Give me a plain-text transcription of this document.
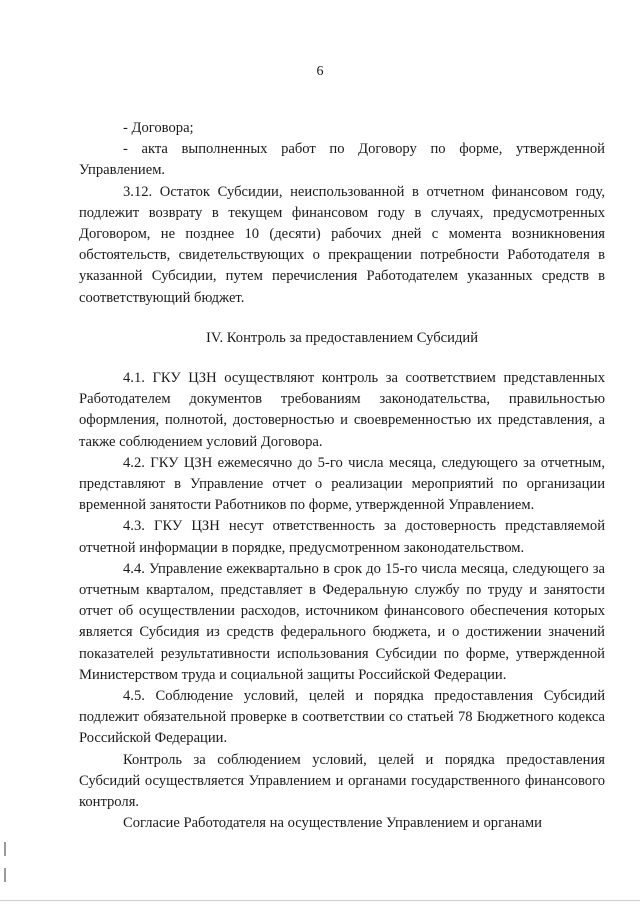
6

- Договора;

- акта выполненных работ по Договору по форме, утвержденной Управлением.

3.12. Остаток Субсидии, неиспользованной в отчетном финансовом году, подлежит возврату в текущем финансовом году в случаях, предусмотренных Договором, не позднее 10 (десяти) рабочих дней с момента возникновения обстоятельств, свидетельствующих о прекращении потребности Работодателя в указанной Субсидии, путем перечисления Работодателем указанных средств в соответствующий бюджет.

IV. Контроль за предоставлением Субсидий

4.1. ГКУ ЦЗН осуществляют контроль за соответствием представленных Работодателем документов требованиям законодательства, правильностью оформления, полнотой, достоверностью и своевременностью их представления, а также соблюдением условий Договора.

4.2. ГКУ ЦЗН ежемесячно до 5-го числа месяца, следующего за отчетным, представляют в Управление отчет о реализации мероприятий по организации временной занятости Работников по форме, утвержденной Управлением.

4.3. ГКУ ЦЗН несут ответственность за достоверность представляемой отчетной информации в порядке, предусмотренном законодательством.

4.4. Управление ежеквартально в срок до 15-го числа месяца, следующего за отчетным кварталом, представляет в Федеральную службу по труду и занятости отчет об осуществлении расходов, источником финансового обеспечения которых является Субсидия из средств федерального бюджета, и о достижении значений показателей результативности использования Субсидии по форме, утвержденной Министерством труда и социальной защиты Российской Федерации.

4.5. Соблюдение условий, целей и порядка предоставления Субсидий подлежит обязательной проверке в соответствии со статьей 78 Бюджетного кодекса Российской Федерации.

Контроль за соблюдением условий, целей и порядка предоставления Субсидий осуществляется Управлением и органами государственного финансового контроля.

Согласие Работодателя на осуществление Управлением и органами
